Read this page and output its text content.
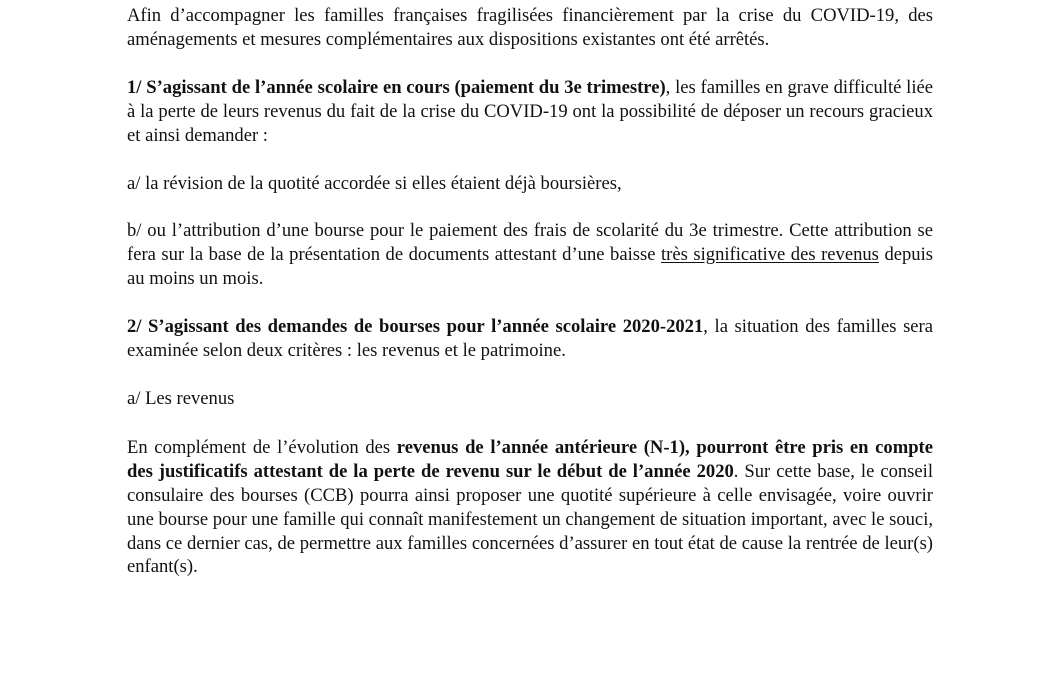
Afin d’accompagner les familles françaises fragilisées financièrement par la crise du COVID-19, des aménagements et mesures complémentaires aux dispositions existantes ont été arrêtés.

1/ S’agissant de l’année scolaire en cours (paiement du 3e trimestre), les familles en grave difficulté liée à la perte de leurs revenus du fait de la crise du COVID-19 ont la possibilité de déposer un recours gracieux et ainsi demander :

a/ la révision de la quotité accordée si elles étaient déjà boursières,

b/ ou l’attribution d’une bourse pour le paiement des frais de scolarité du 3e trimestre. Cette attribution se fera sur la base de la présentation de documents attestant d’une baisse très significative des revenus depuis au moins un mois.

2/ S’agissant des demandes de bourses pour l’année scolaire 2020-2021, la situation des familles sera examinée selon deux critères : les revenus et le patrimoine.

a/ Les revenus

En complément de l’évolution des revenus de l’année antérieure (N-1), pourront être pris en compte des justificatifs attestant de la perte de revenu sur le début de l’année 2020. Sur cette base, le conseil consulaire des bourses (CCB) pourra ainsi proposer une quotité supérieure à celle envisagée, voire ouvrir une bourse pour une famille qui connaît manifestement un changement de situation important, avec le souci, dans ce dernier cas, de permettre aux familles concernées d’assurer en tout état de cause la rentrée de leur(s) enfant(s).
